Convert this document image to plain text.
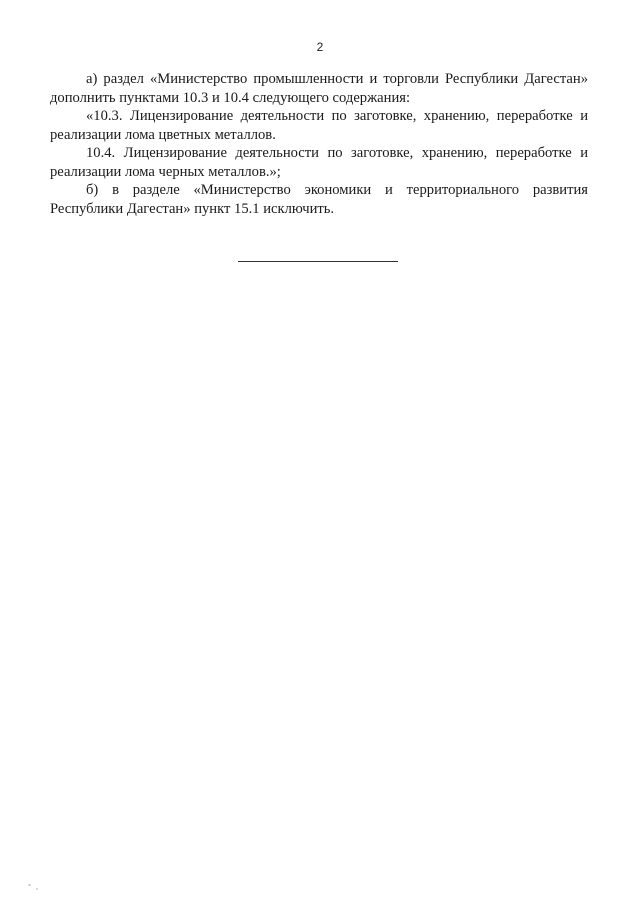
2

а) раздел «Министерство промышленности и торговли Республики Дагестан» дополнить пунктами 10.3 и 10.4 следующего содержания:

«10.3. Лицензирование деятельности по заготовке, хранению, переработке и реализации лома цветных металлов.

10.4. Лицензирование деятельности по заготовке, хранению, переработке и реализации лома черных металлов.»;

б) в разделе «Министерство экономики и территориального развития Республики Дагестан» пункт 15.1 исключить.
